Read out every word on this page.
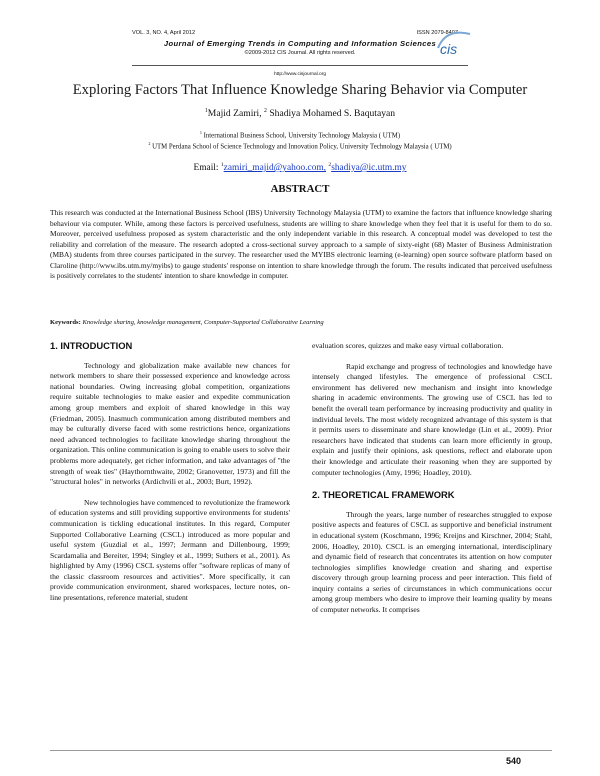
VOL. 3, NO. 4, April 2012	ISSN 2079-8407
Journal of Emerging Trends in Computing and Information Sciences
©2009-2012 CIS Journal. All rights reserved.	cis
http://www.cisjournal.org
Exploring Factors That Influence Knowledge Sharing Behavior via Computer
$^1$Majid Zamiri, $^2$ Shadiya Mohamed S. Baqutayan
$^1$ International Business School, University Technology Malaysia ( UTM)
$^2$ UTM Perdana School of Science Technology and Innovation Policy, University Technology Malaysia ( UTM)
Email: $^1$zamiri_majid@yahoo.com, $^2$shadiya@ic.utm.my
ABSTRACT
This research was conducted at the International Business School (IBS) University Technology Malaysia (UTM) to examine the factors that influence knowledge sharing behaviour via computer. While, among these factors is perceived usefulness, students are willing to share knowledge when they feel that it is useful for them to do so. Moreover, perceived usefulness proposed as system characteristic and the only independent variable in this research. A conceptual model was developed to test the reliability and correlation of the measure. The research adopted a cross-sectional survey approach to a sample of sixty-eight (68) Master of Business Administration (MBA) students from three courses participated in the survey. The researcher used the MYIBS electronic learning (e-learning) open source software platform based on Claroline (http://www.ibs.utm.my/myibs) to gauge students' response on intention to share knowledge through the forum. The results indicated that perceived usefulness is positively correlates to the students' intention to share knowledge in computer.
Keywords: Knowledge sharing, knowledge management, Computer-Supported Collaborative Learning

1. INTRODUCTION

Technology and globalization make available new chances for network members to share their possessed experience and knowledge across national boundaries. Owing increasing global competition, organizations require suitable technologies to make easier and expedite communication among group members and exploit of shared knowledge in this way (Friedman, 2005). Inasmuch communication among distributed members and may be culturally diverse faced with some restrictions hence, organizations need advanced technologies to facilitate knowledge sharing throughout the organization. This online communication is going to enable users to solve their problems more adequately, get richer information, and take advantages of "the strength of weak ties" (Haythornthwaite, 2002; Granovetter, 1973) and fill the "structural holes" in networks (Ardichvili et al., 2003; Burt, 1992).

New technologies have commenced to revolutionize the framework of education systems and still providing supportive environments for students' communication is tickling educational institutes. In this regard, Computer Supported Collaborative Learning (CSCL) introduced as more popular and useful system (Guzdial et al., 1997; Jermann and Dillenbourg, 1999; Scardamalia and Bereiter, 1994; Singley et al., 1999; Suthers et al., 2001). As highlighted by Amy (1996) CSCL systems offer "software replicas of many of the classic classroom resources and activities". More specifically, it can provide communication environment, shared workspaces, lecture notes, on-line presentations, reference material, student

evaluation scores, quizzes and make easy virtual collaboration.

Rapid exchange and progress of technologies and knowledge have intensely changed lifestyles. The emergence of professional CSCL environment has delivered new mechanism and insight into knowledge sharing in academic environments. The growing use of CSCL has led to benefit the overall team performance by increasing productivity and quality in individual levels. The most widely recognized advantage of this system is that it permits users to disseminate and share knowledge (Lin et al., 2009). Prior researchers have indicated that students can learn more efficiently in group, explain and justify their opinions, ask questions, reflect and elaborate upon their knowledge and articulate their reasoning when they are supported by computer technologies (Amy, 1996; Hoadley, 2010).

2. THEORETICAL FRAMEWORK

Through the years, large number of researches struggled to expose positive aspects and features of CSCL as supportive and beneficial instrument in educational system (Koschmann, 1996; Kreijns and Kirschner, 2004; Stahl, 2006, Hoadley, 2010). CSCL is an emerging international, interdisciplinary and dynamic field of research that concentrates its attention on how computer technologies simplifies knowledge creation and sharing and expertise discovery through group learning process and peer interaction. This field of inquiry contains a series of circumstances in which communications occur among group members who desire to improve their learning quality by means of computer networks. It comprises

540
